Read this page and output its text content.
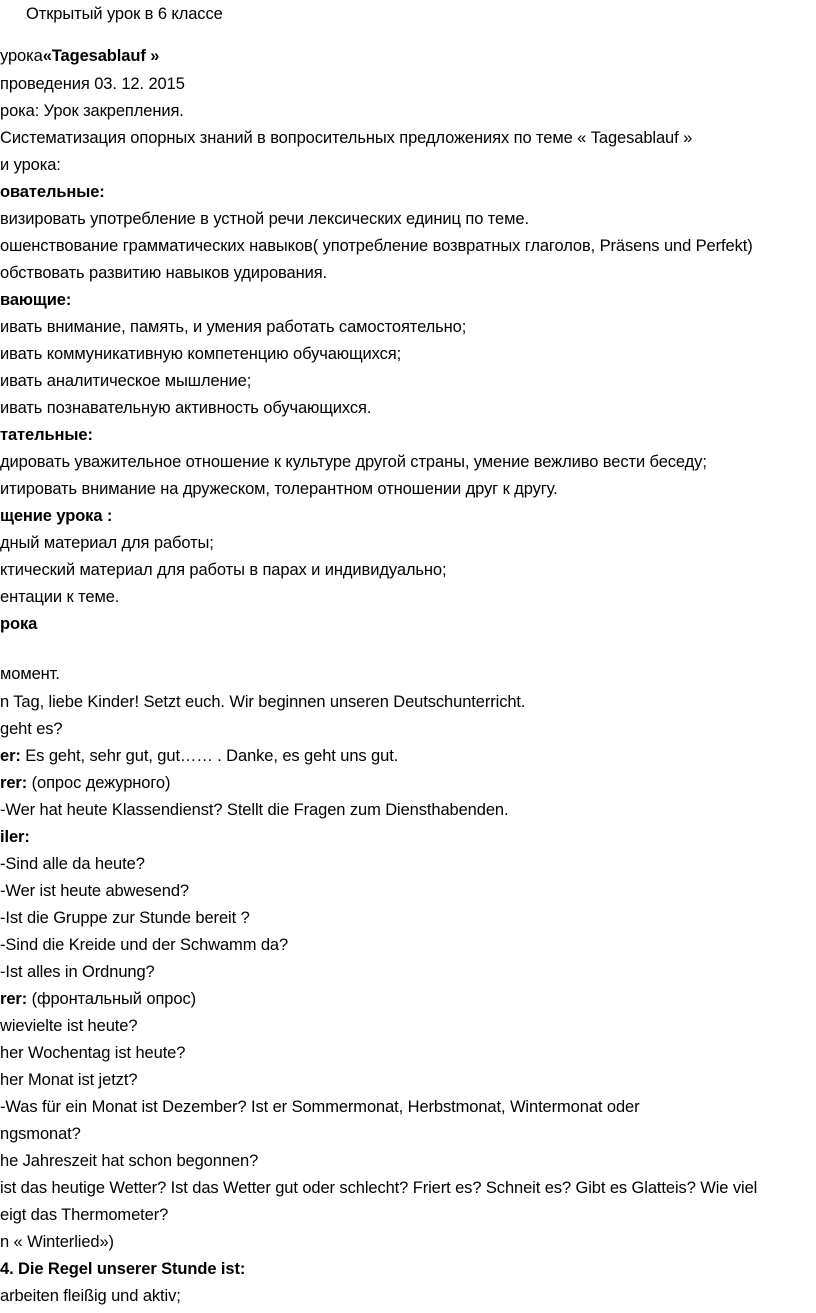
Открытый урок в 6 классе
урока«Tagesablauf »
проведения 03. 12. 2015
рока: Урок закрепления.
Систематизация опорных знаний в вопросительных предложениях по теме « Tagesablauf »
и урока:
овательные:
визировать употребление в устной речи лексических единиц по теме.
ошенствование грамматических навыков( употребление возвратных глаголов, Präsens und Perfekt)
обствовать развитию навыков удирования.
вающие:
ивать внимание, память, и умения работать самостоятельно;
ивать коммуникативную компетенцию обучающихся;
ивать аналитическое мышление;
ивать познавательную активность обучающихся.
тательные:
дировать уважительное отношение к культуре другой страны, умение вежливо вести беседу;
итировать внимание на дружеском, толерантном отношении друг к другу.
щение урока :
дный материал для работы;
ктический материал для работы в парах и индивидуально;
ентации к теме.
рока
момент.
n Tag, liebe Kinder! Setzt euch. Wir beginnen unseren Deutschunterricht.
geht es?
er: Es geht, sehr gut, gut…… . Danke, es geht uns gut.
rer: (опрос дежурного)
-Wer hat heute Klassendienst? Stellt die Fragen zum Diensthabenden.
iler:
-Sind alle da heute?
-Wer ist heute abwesend?
-Ist die Gruppe zur Stunde bereit ?
-Sind die Kreide und der Schwamm da?
-Ist alles in Ordnung?
rer: (фронтальный опрос)
wievielte ist heute?
her Wochentag ist heute?
her Monat ist jetzt?
-Was für ein Monat ist Dezember? Ist er Sommermonat, Herbstmonat, Wintermonat oder
ngsmonat?
he Jahreszeit hat schon begonnen?
ist das heutige Wetter? Ist das Wetter gut oder schlecht? Friert es? Schneit es? Gibt es Glatteis? Wie viel
eigt das Thermometer?
n « Winterlied»)
4. Die Regel unserer Stunde ist:
arbeiten fleißig und aktiv;
